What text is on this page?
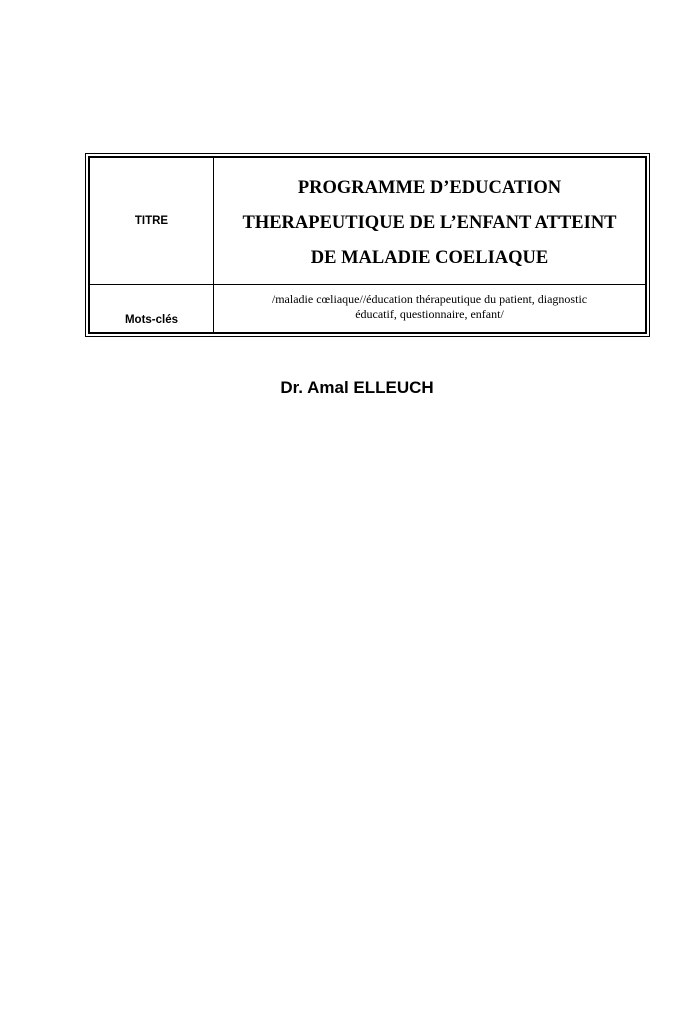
TITRE
PROGRAMME D’EDUCATION
THERAPEUTIQUE DE L’ENFANT ATTEINT
DE MALADIE COELIAQUE
Mots-clés
/maladie cœliaque//éducation thérapeutique du patient, diagnostic
éducatif, questionnaire, enfant/
Dr. Amal ELLEUCH
